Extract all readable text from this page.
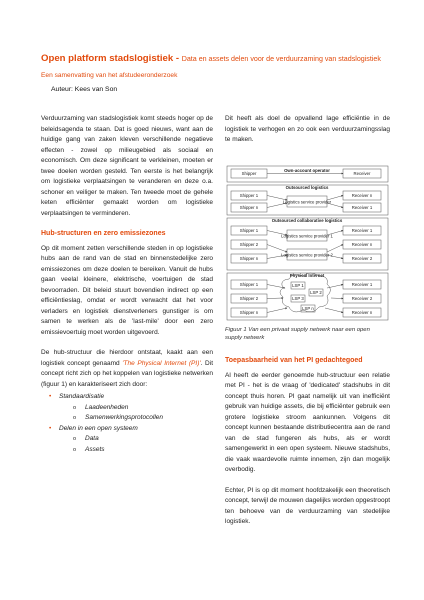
Open platform stadslogistiek - Data en assets delen voor de verduurzaming van stadslogistiek
Een samenvatting van het afstudeeronderzoek
Auteur: Kees van Son

Verduurzaming van stadslogistiek komt steeds hoger op de beleidsagenda te staan. Dat is goed nieuws, want aan de huidige gang van zaken kleven verschillende negatieve effecten - zowel op milieugebied als sociaal en economisch. Om deze significant te verkleinen, moeten er twee doelen worden gesteld. Ten eerste is het belangrijk om logistieke verplaatsingen te veranderen en deze o.a. schoner en veiliger te maken. Ten tweede moet de gehele keten efficiënter gemaakt worden om logistieke verplaatsingen te verminderen.

Hub-structuren en zero emissiezones

Op dit moment zetten verschillende steden in op logistieke hubs aan de rand van de stad en binnenstedelijke zero emissiezones om deze doelen te bereiken. Vanuit de hubs gaan veelal kleinere, elektrische, voertuigen de stad bevoorraden. Dit beleid stuurt bovendien indirect op een efficiëntieslag, omdat er wordt verwacht dat het voor verladers en logistiek dienstverleners gunstiger is om samen te werken als de 'last-mile' door een zero emissievoertuig moet worden uitgevoerd.

De hub-structuur die hierdoor ontstaat, kaakt aan een logistiek concept genaamd 'The Physical Internet (PI)'. Dit concept richt zich op het koppelen van logistieke netwerken (figuur 1) en karakteriseert zich door:

• Standaardisatie
o Laadeenheden
o Samenwerkingsprotocollen
• Delen in een open systeem
o Data
o Assets

Dit heeft als doel de opvallend lage efficiëntie in de logistiek te verhogen en zo ook een verduurzamingsslag te maken.

Own-account operator
Outsourced logistics
Outsourced collaborative logistics
Physical Internet
Shipper	Receiver
Shipper 1
Shipper n
Receiver n
Receiver 1
Logistics service provider
Shipper 1
Shipper 2
Shipper n
Receiver 1
Receiver n
Receiver 2
Logistics service provider 1
Logistics service provider 2
Shipper 1
Shipper 2
Shipper n
Receiver 1
Receiver 2
Receiver n
LSP 1
LSP 2
LSP 3
LSP n
Figuur 1 Van een privaat supply netwerk naar een open supply netwerk
Toepasbaarheid van het PI gedachtegoed

Al heeft de eerder genoemde hub-structuur een relatie met PI - het is de vraag of 'dedicated' stadshubs in dit concept thuis horen. PI gaat namelijk uit van inefficiënt gebruik van huidige assets, die bij efficiënter gebruik een grotere logistieke stroom aankunnen. Volgens dit concept kunnen bestaande distributiecentra aan de rand van de stad fungeren als hubs, als er wordt samengewerkt in een open systeem. Nieuwe stadshubs, die vaak waardevolle ruimte innemen, zijn dan mogelijk overbodig.

Echter, PI is op dit moment hoofdzakelijk een theoretisch concept, terwijl de mouwen dagelijks worden opgestroopt ten behoeve van de verduurzaming van stedelijke logistiek.
